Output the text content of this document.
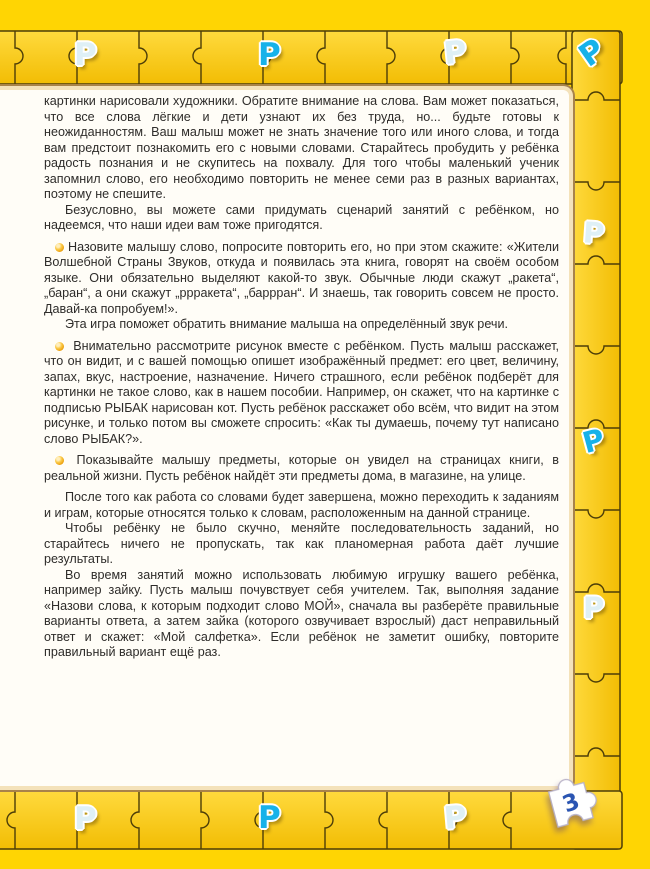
Р	Р	Р	Р
Р
Р
Р
Р	Р	Р

картинки нарисовали художники. Обратите внимание на слова. Вам может показаться, что все слова лёгкие и дети узнают их без труда, но... будьте готовы к неожиданностям. Ваш малыш может не знать значение того или иного слова, и тогда вам предстоит познакомить его с новыми словами. Старайтесь пробудить у ребёнка радость познания и не скупитесь на похвалу. Для того чтобы маленький ученик запомнил слово, его необходимо повторить не менее семи раз в разных вариантах, поэтому не спешите.

Безусловно, вы можете сами придумать сценарий занятий с ребёнком, но надеемся, что наши идеи вам тоже пригодятся.

Назовите малышу слово, попросите повторить его, но при этом скажите: «Жители Волшебной Страны Звуков, откуда и появилась эта книга, говорят на своём особом языке. Они обязательно выделяют какой-то звук. Обычные люди скажут „ракета“, „баран“, а они скажут „ррракета“, „баррран“. И знаешь, так говорить совсем не просто. Давай-ка попробуем!».

Эта игра поможет обратить внимание малыша на определённый звук речи.

Внимательно рассмотрите рисунок вместе с ребёнком. Пусть малыш расскажет, что он видит, и с вашей помощью опишет изображённый предмет: его цвет, величину, запах, вкус, настроение, назначение. Ничего страшного, если ребёнок подберёт для картинки не такое слово, как в нашем пособии. Например, он скажет, что на картинке с подписью РЫБАК нарисован кот. Пусть ребёнок расскажет обо всём, что видит на этом рисунке, и только потом вы сможете спросить: «Как ты думаешь, почему тут написано слово РЫБАК?».

Показывайте малышу предметы, которые он увидел на страницах книги, в реальной жизни. Пусть ребёнок найдёт эти предметы дома, в магазине, на улице.

После того как работа со словами будет завершена, можно переходить к заданиям и играм, которые относятся только к словам, расположенным на данной странице.

Чтобы ребёнку не было скучно, меняйте последовательность заданий, но старайтесь ничего не пропускать, так как планомерная работа даёт лучшие результаты.

Во время занятий можно использовать любимую игрушку вашего ребёнка, например зайку. Пусть малыш почувствует себя учителем. Так, выполняя задание «Назови слова, к которым подходит слово МОЙ», сначала вы разберёте правильные варианты ответа, а затем зайка (которого озвучивает взрослый) даст неправильный ответ и скажет: «Мой салфетка». Если ребёнок не заметит ошибку, повторите правильный вариант ещё раз.

3
